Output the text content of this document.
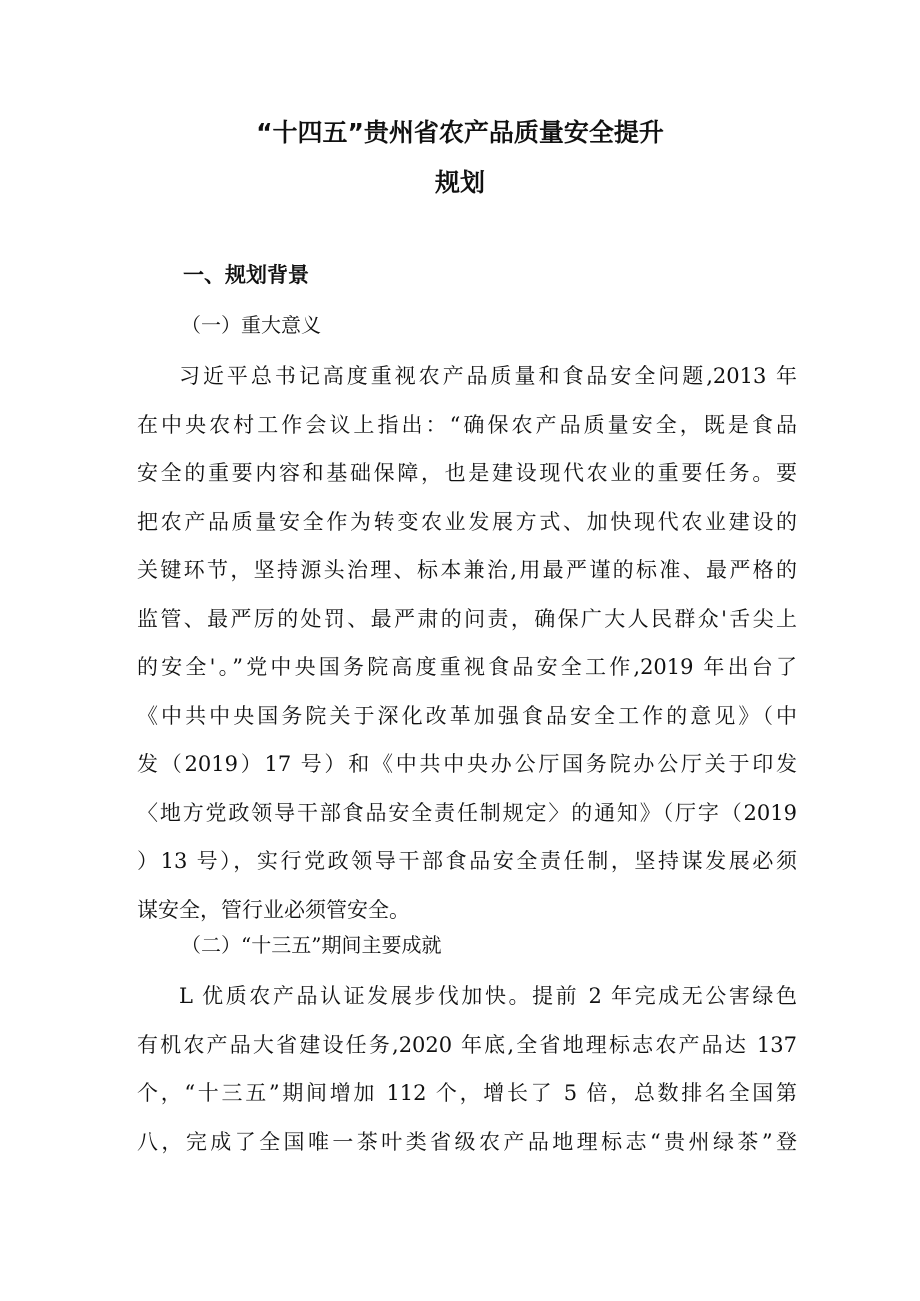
“十四五”贵州省农产品质量安全提升
规划
一、规划背景
（一）重大意义
习近平总书记高度重视农产品质量和食品安全问题,2013 年
在中央农村工作会议上指出：“确保农产品质量安全，既是食品
安全的重要内容和基础保障，也是建设现代农业的重要任务。要
把农产品质量安全作为转变农业发展方式、加快现代农业建设的
关键环节，坚持源头治理、标本兼治,用最严谨的标准、最严格的
监管、最严厉的处罚、最严肃的问责，确保广大人民群众'舌尖上
的安全'。”党中央国务院高度重视食品安全工作,2019 年出台了
《中共中央国务院关于深化改革加强食品安全工作的意见》（中
发（2019）17 号）和《中共中央办公厅国务院办公厅关于印发
〈地方党政领导干部食品安全责任制规定〉的通知》（厅字（2019
）13 号），实行党政领导干部食品安全责任制，坚持谋发展必须
谋安全，管行业必须管安全。
（二）“十三五”期间主要成就
L 优质农产品认证发展步伐加快。提前 2 年完成无公害绿色
有机农产品大省建设任务,2020 年底,全省地理标志农产品达 137
个，“十三五”期间增加 112 个，增长了 5 倍，总数排名全国第
八，完成了全国唯一茶叶类省级农产品地理标志“贵州绿茶”登
